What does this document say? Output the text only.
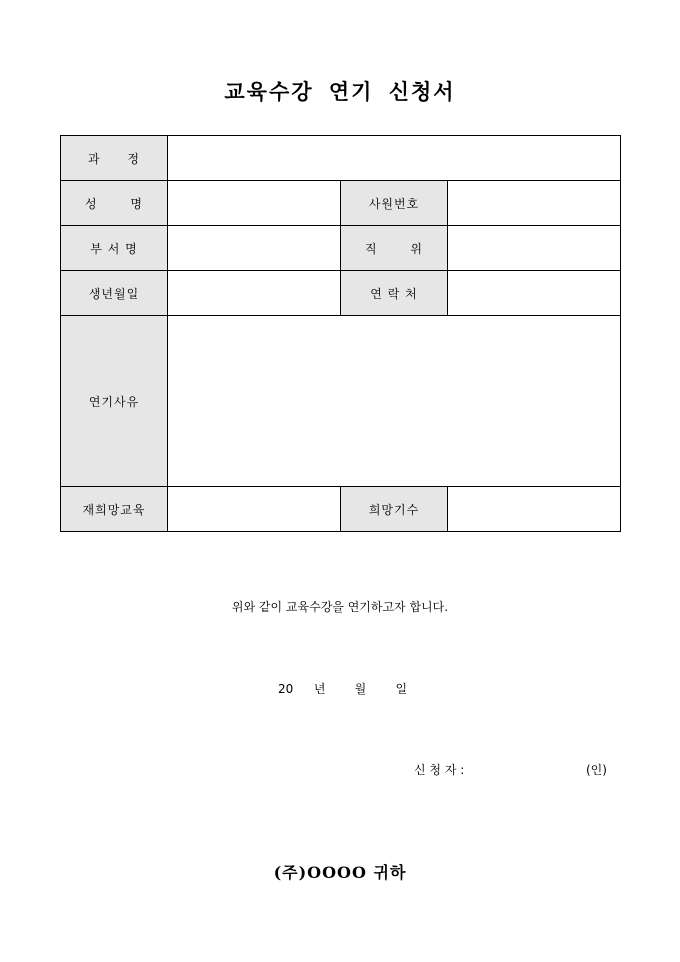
교육수강 연기 신청서
과 정			
성 명		사원번호	
부 서 명		직 위	
생년월일		연 락 처	
연기사유			
재희망교육		희망기수	
위와 같이 교육수강을 연기하고자 합니다.
20 년 월 일
신 청 자 :	(인)
(주)OOOO 귀하
